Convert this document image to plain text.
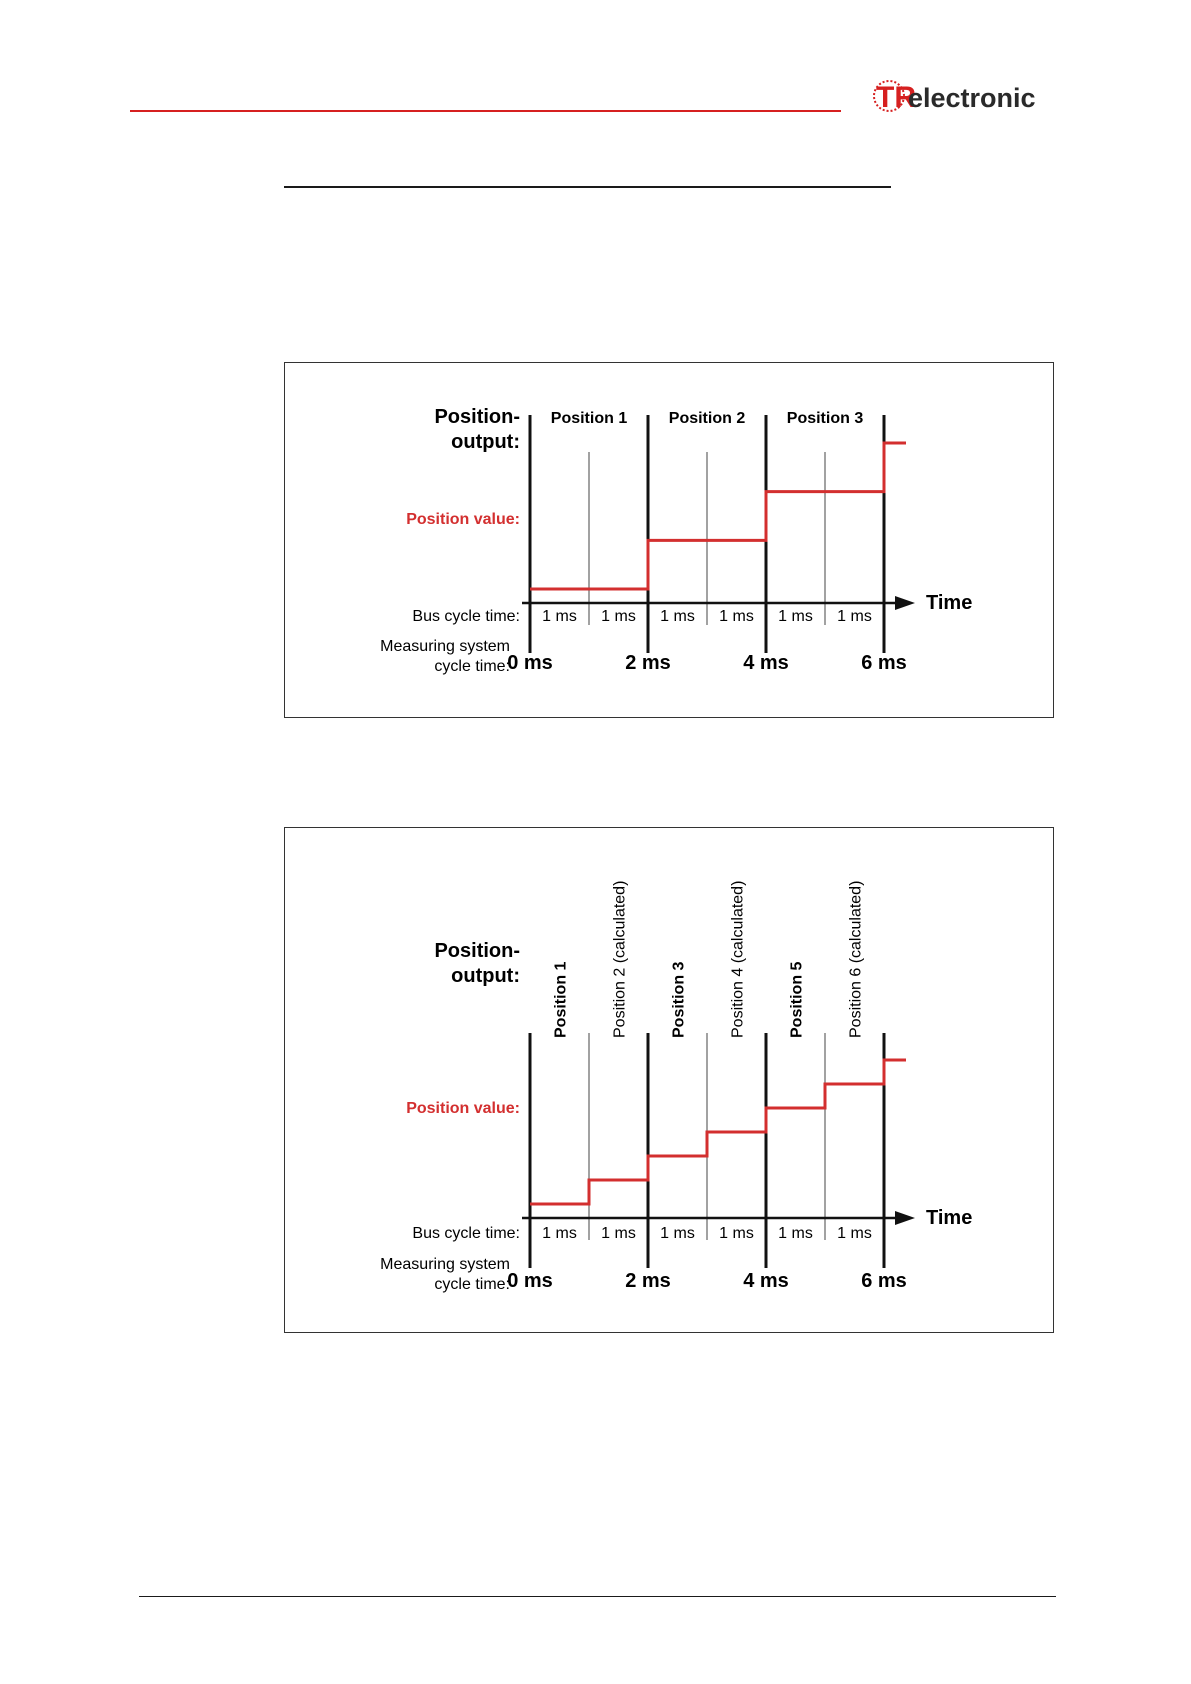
TR
electronic
Position-
output:
Position value:
Bus cycle time:
Measuring system
cycle time:
Time
1 ms 1 ms 1 ms 1 ms 1 ms 1 ms
0 ms	2 ms	4 ms	6 ms
Position 1	Position 2	Position 3
Position-
output:
Position value:
Bus cycle time:
Measuring system
cycle time:
Time
1 ms 1 ms 1 ms 1 ms 1 ms 1 ms
0 ms	2 ms	4 ms	6 ms
Position 1	Position 2 (calculated)	Position 3	Position 4 (calculated)	Position 5	Position 6 (calculated)
